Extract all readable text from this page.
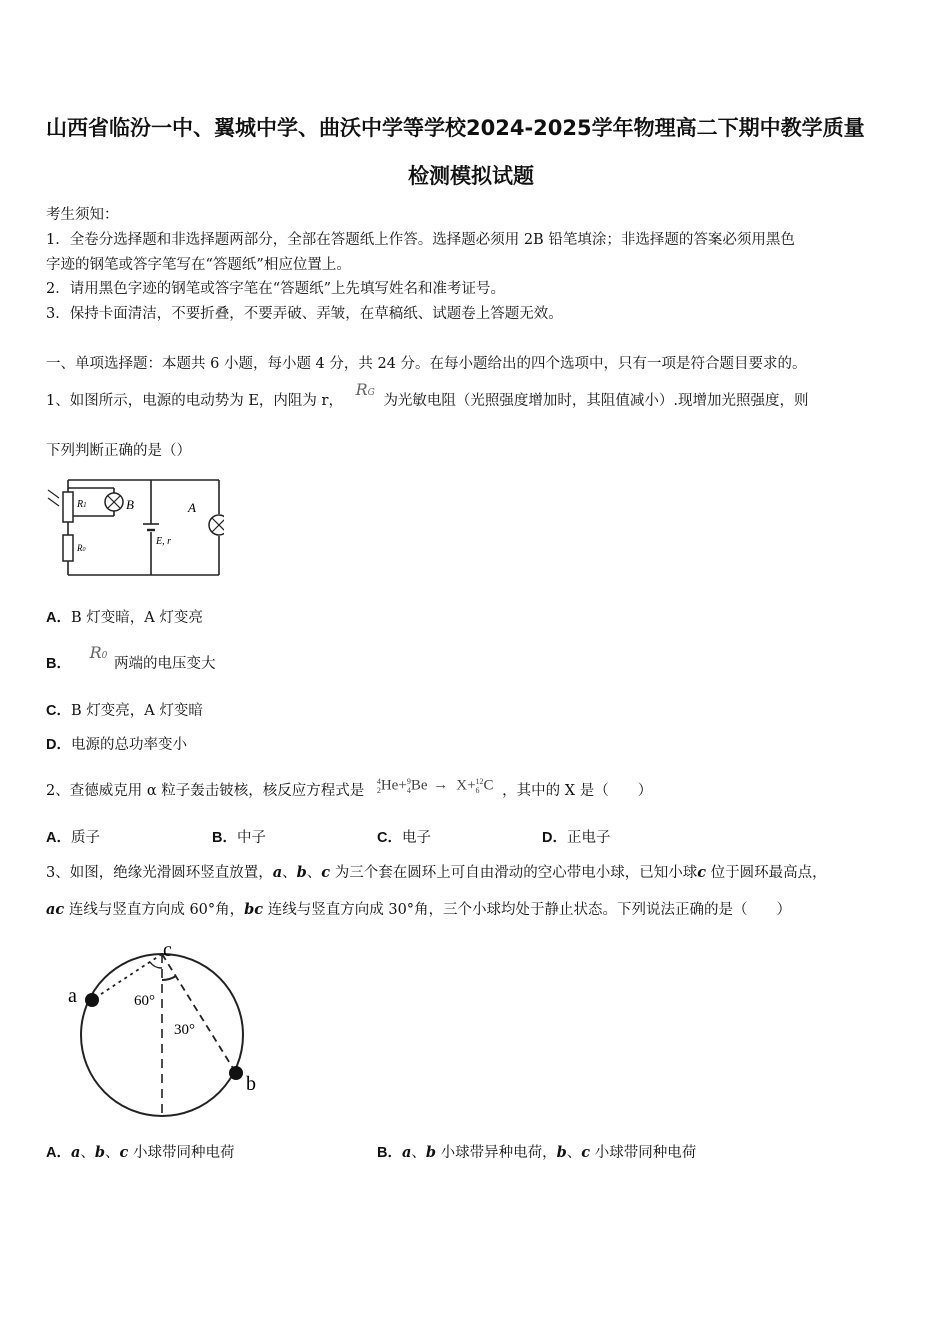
山西省临汾一中、翼城中学、曲沃中学等学校2024-2025学年物理高二下期中教学质量
检测模拟试题
考生须知：
1．全卷分选择题和非选择题两部分，全部在答题纸上作答。选择题必须用 2B 铅笔填涂；非选择题的答案必须用黑色
字迹的钢笔或答字笔写在“答题纸”相应位置上。
2．请用黑色字迹的钢笔或答字笔在“答题纸”上先填写姓名和准考证号。
3．保持卡面清洁，不要折叠，不要弄破、弄皱，在草稿纸、试题卷上答题无效。
一、单项选择题：本题共 6 小题，每小题 4 分，共 24 分。在每小题给出的四个选项中，只有一项是符合题目要求的。
1、如图所示，电源的电动势为 E，内阻为 r， RG 为光敏电阻（光照强度增加时，其阻值减小）.现增加光照强度，则
下列判断正确的是（）
R1	B
R0
E, r
A
A．B 灯变暗，A 灯变亮
B． R0 两端的电压变大
C．B 灯变亮，A 灯变暗
D．电源的总功率变小
2、查德威克用 α 粒子轰击铍核，核反应方程式是
4
2 He+ 9
4 Be → X+ 12
6 C ，其中的 X 是（　　）
A．质子	B．中子	C．电子	D．正电子
3、如图，绝缘光滑圆环竖直放置，a、b、c 为三个套在圆环上可自由滑动的空心带电小球，已知小球c 位于圆环最高点，
ac 连线与竖直方向成 60°角，bc 连线与竖直方向成 30°角，三个小球均处于静止状态。下列说法正确的是（　　）
a
b
c
60°
30°
A．a、b、c 小球带同种电荷	B．a、b 小球带异种电荷，b、c 小球带同种电荷
